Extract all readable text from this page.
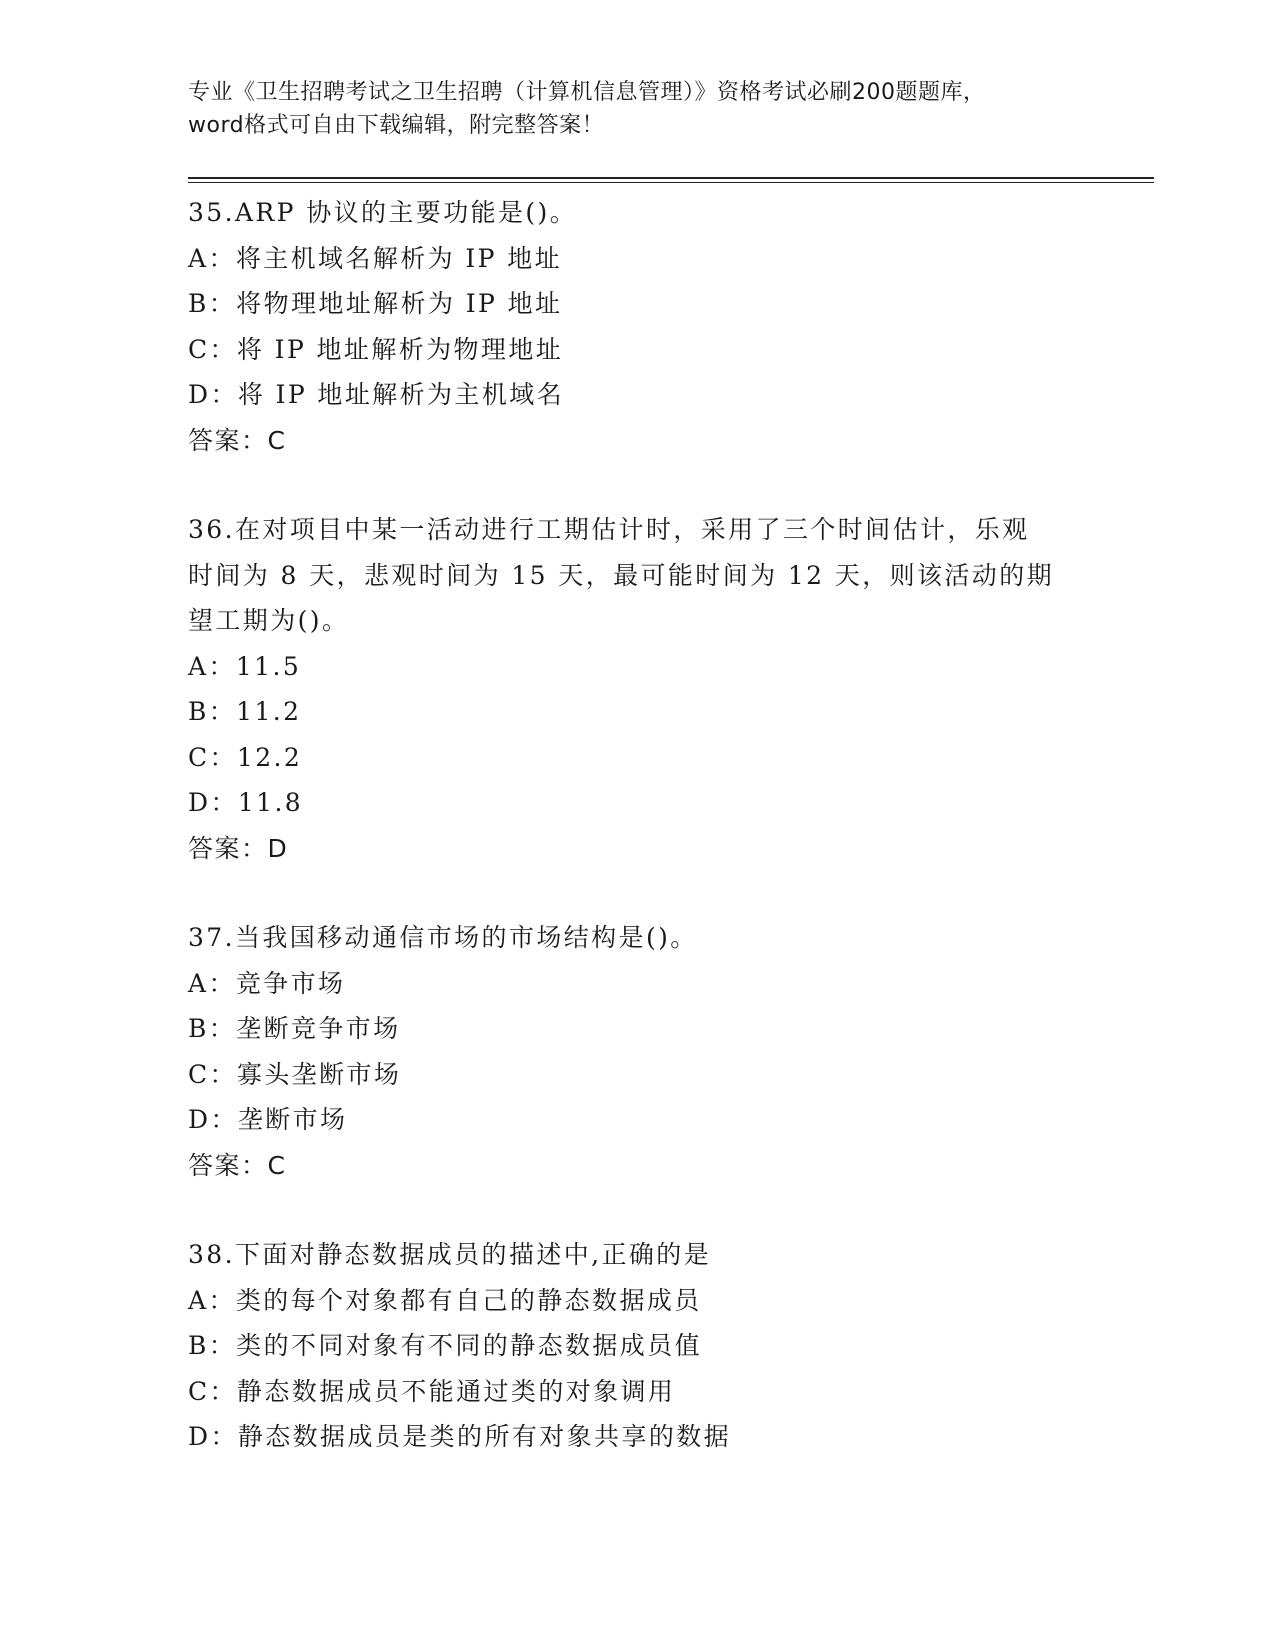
专业《卫生招聘考试之卫生招聘（计算机信息管理）》资格考试必刷200题题库，
word格式可自由下载编辑，附完整答案！

35.ARP 协议的主要功能是()。

A：将主机域名解析为 IP 地址

B：将物理地址解析为 IP 地址

C：将 IP 地址解析为物理地址

D：将 IP 地址解析为主机域名

答案：C

36.在对项目中某一活动进行工期估计时，采用了三个时间估计，乐观

时间为 8 天，悲观时间为 15 天，最可能时间为 12 天，则该活动的期

望工期为()。

A：11.5

B：11.2

C：12.2

D：11.8

答案：D

37.当我国移动通信市场的市场结构是()。

A：竞争市场

B：垄断竞争市场

C：寡头垄断市场

D：垄断市场

答案：C

38.下面对静态数据成员的描述中,正确的是

A：类的每个对象都有自己的静态数据成员

B：类的不同对象有不同的静态数据成员值

C：静态数据成员不能通过类的对象调用

D：静态数据成员是类的所有对象共享的数据
